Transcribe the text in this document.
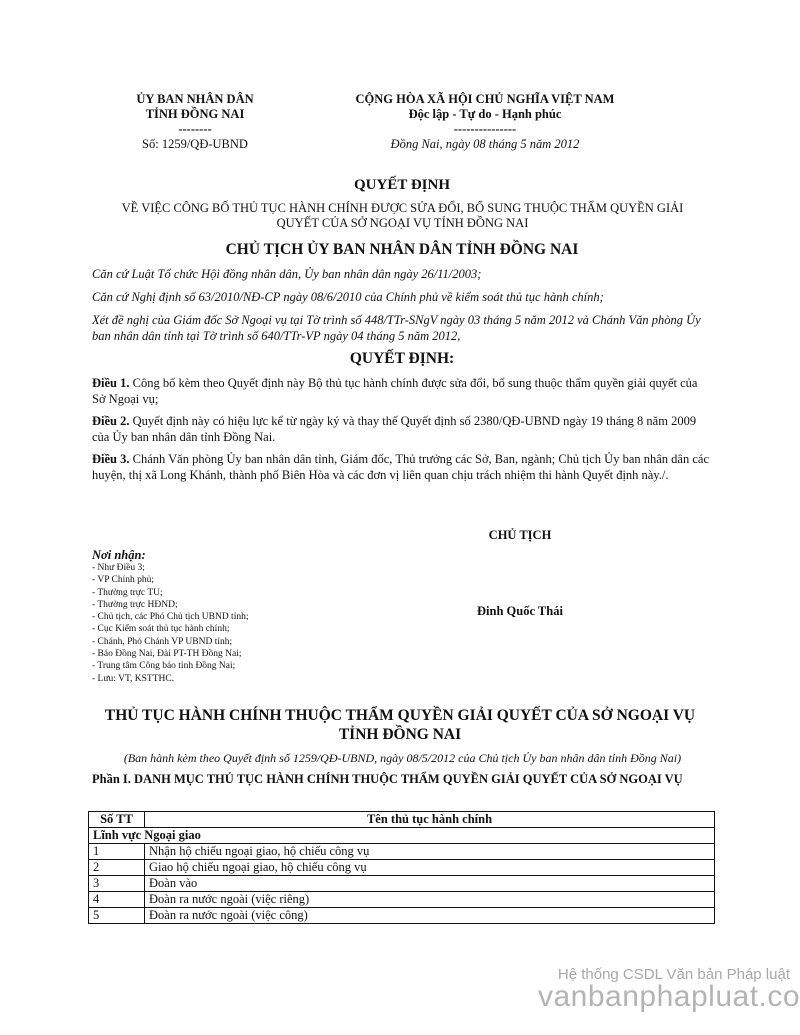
ỦY BAN NHÂN DÂN
TỈNH ĐỒNG NAI
--------
Số: 1259/QĐ-UBND
CỘNG HÒA XÃ HỘI CHỦ NGHĨA VIỆT NAM
Độc lập - Tự do - Hạnh phúc
---------------
Đồng Nai, ngày 08 tháng 5 năm 2012
QUYẾT ĐỊNH
VỀ VIỆC CÔNG BỐ THỦ TỤC HÀNH CHÍNH ĐƯỢC SỬA ĐỔI, BỔ SUNG THUỘC THẨM QUYỀN GIẢI QUYẾT CỦA SỞ NGOẠI VỤ TỈNH ĐỒNG NAI
CHỦ TỊCH ỦY BAN NHÂN DÂN TỈNH ĐỒNG NAI
Căn cứ Luật Tổ chức Hội đồng nhân dân, Ủy ban nhân dân ngày 26/11/2003;
Căn cứ Nghị định số 63/2010/NĐ-CP ngày 08/6/2010 của Chính phủ về kiểm soát thủ tục hành chính;
Xét đề nghị của Giám đốc Sở Ngoại vụ tại Tờ trình số 448/TTr-SNgV ngày 03 tháng 5 năm 2012 và Chánh Văn phòng Ủy ban nhân dân tỉnh tại Tờ trình số 640/TTr-VP ngày 04 tháng 5 năm 2012,
QUYẾT ĐỊNH:
Điều 1. Công bố kèm theo Quyết định này Bộ thủ tục hành chính được sửa đổi, bổ sung thuộc thẩm quyền giải quyết của Sở Ngoại vụ;
Điều 2. Quyết định này có hiệu lực kể từ ngày ký và thay thế Quyết định số 2380/QĐ-UBND ngày 19 tháng 8 năm 2009 của Ủy ban nhân dân tỉnh Đồng Nai.
Điều 3. Chánh Văn phòng Ủy ban nhân dân tỉnh, Giám đốc, Thủ trưởng các Sở, Ban, ngành; Chủ tịch Ủy ban nhân dân các huyện, thị xã Long Khánh, thành phố Biên Hòa và các đơn vị liên quan chịu trách nhiệm thi hành Quyết định này./.
CHỦ TỊCH
Đinh Quốc Thái
Nơi nhận:
- Như Điều 3;
- VP Chính phủ;
- Thường trực TU;
- Thường trực HĐND;
- Chủ tịch, các Phó Chủ tịch UBND tỉnh;
- Cục Kiểm soát thủ tục hành chính;
- Chánh, Phó Chánh VP UBND tỉnh;
- Báo Đồng Nai, Đài PT-TH Đồng Nai;
- Trung tâm Công báo tỉnh Đồng Nai;
- Lưu: VT, KSTTHC.
THỦ TỤC HÀNH CHÍNH THUỘC THẨM QUYỀN GIẢI QUYẾT CỦA SỞ NGOẠI VỤ TỈNH ĐỒNG NAI
(Ban hành kèm theo Quyết định số 1259/QĐ-UBND, ngày 08/5/2012 của Chủ tịch Ủy ban nhân dân tỉnh Đồng Nai)
Phần I. DANH MỤC THỦ TỤC HÀNH CHÍNH THUỘC THẨM QUYỀN GIẢI QUYẾT CỦA SỞ NGOẠI VỤ
Số TT	Tên thủ tục hành chính
Lĩnh vực Ngoại giao	
1	Nhận hộ chiếu ngoại giao, hộ chiếu công vụ
2	Giao hộ chiếu ngoại giao, hộ chiếu công vụ
3	Đoàn vào
4	Đoàn ra nước ngoài (việc riêng)
5	Đoàn ra nước ngoài (việc công)
Hệ thống CSDL Văn bản Pháp luật
vanbanphapluat.co
